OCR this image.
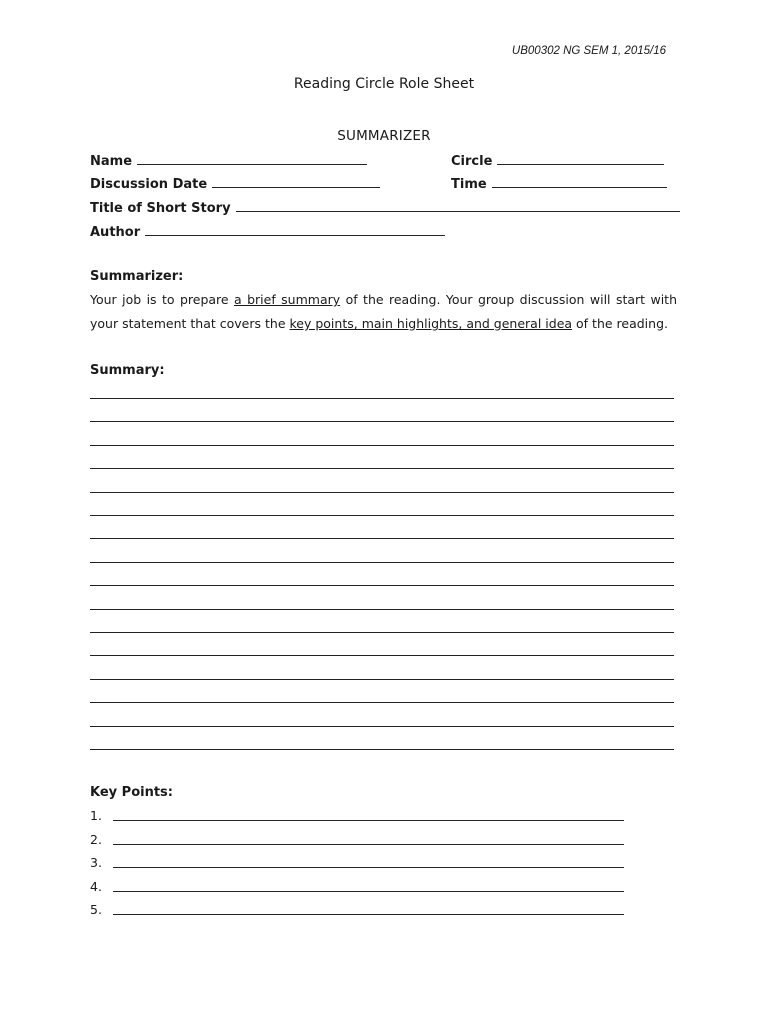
UB00302 NG SEM 1, 2015/16
Reading Circle Role Sheet
SUMMARIZER
Name	Circle
Discussion Date	Time
Title of Short Story
Author
Summarizer:
Your job is to prepare a brief summary of the reading. Your group discussion will start with your statement that covers the key points, main highlights, and general idea of the reading.
Summary:
Key Points:
1.
2.
3.
4.
5.
